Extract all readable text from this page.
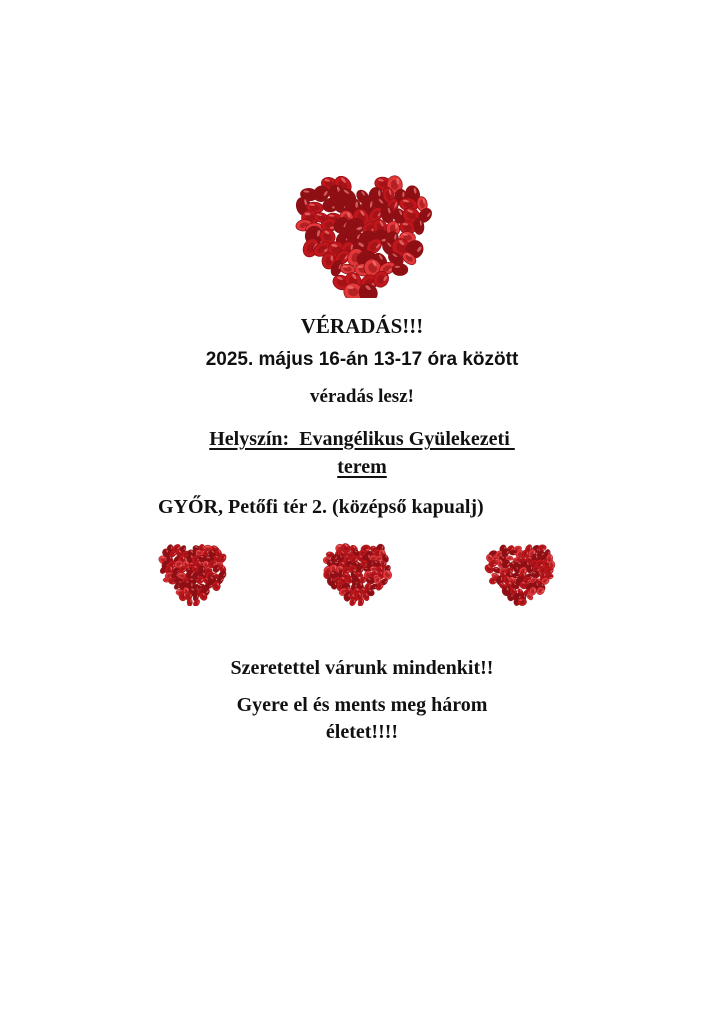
VÉRADÁS!!!
2025. május 16-án 13-17 óra között
véradás lesz!
Helyszín:  Evangélikus Gyülekezeti
terem
GYŐR, Petőfi tér 2. (középső kapualj)
Szeretettel várunk mindenkit!!
Gyere el és ments meg három
életet!!!!
